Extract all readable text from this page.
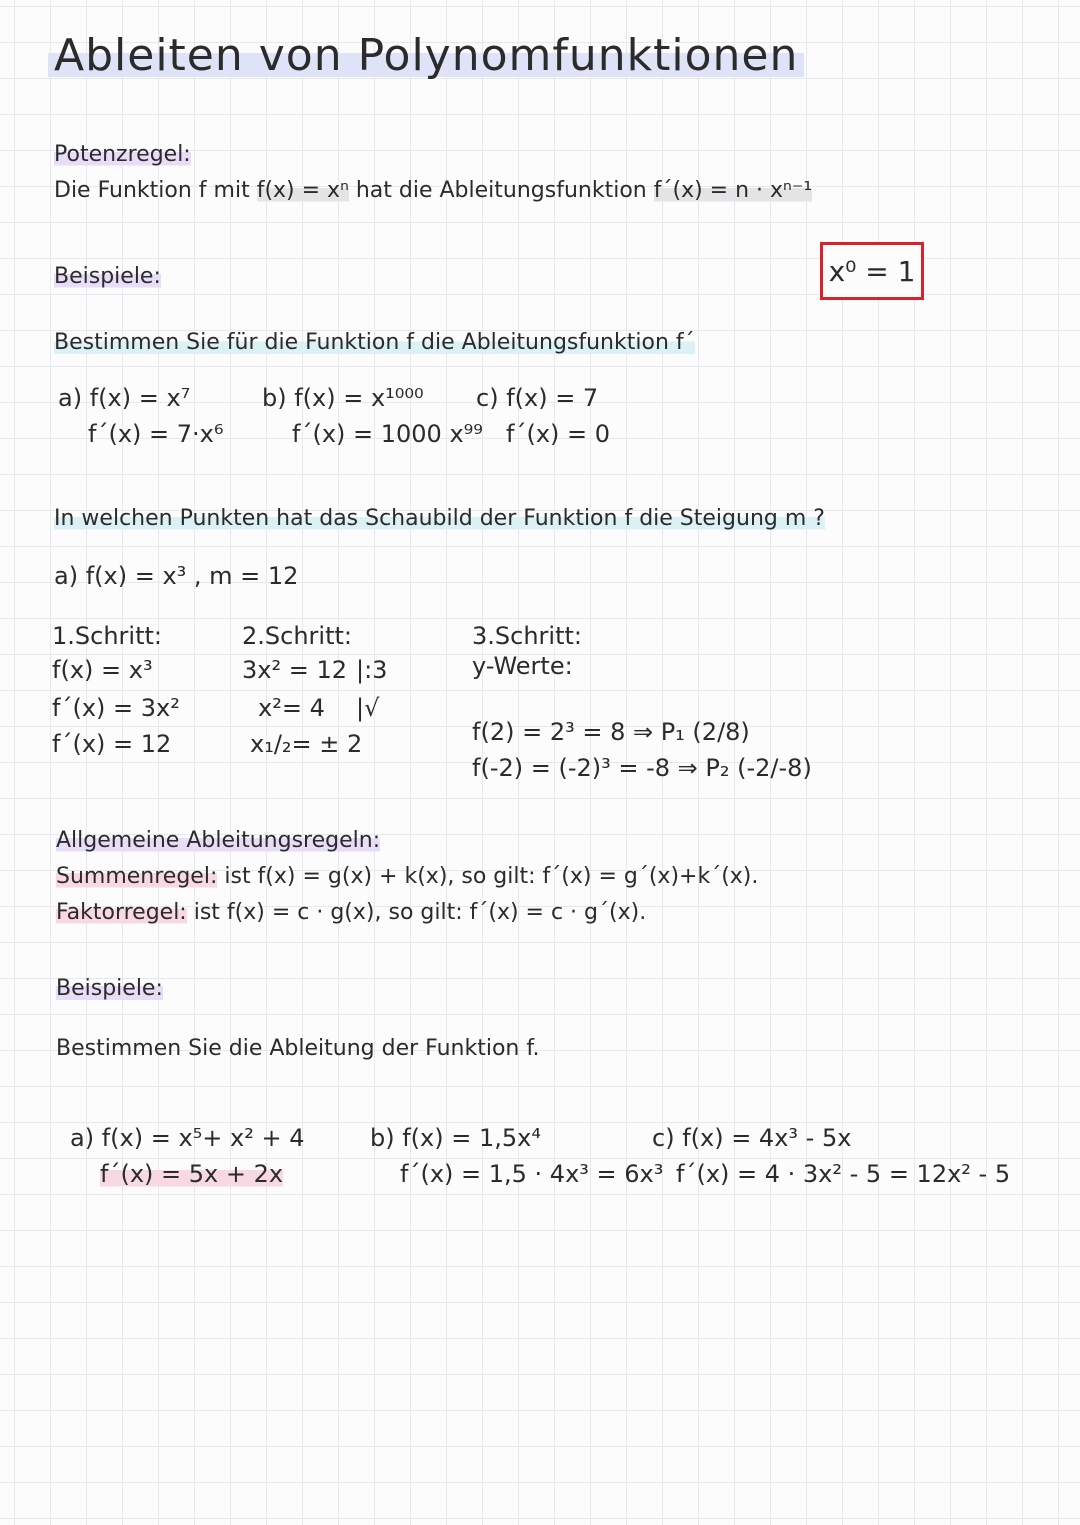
Ableiten von Polynomfunktionen
Potenzregel:
Die Funktion f mit f(x) = xⁿ hat die Ableitungsfunktion f´(x) = n · xⁿ⁻¹
x⁰ = 1
Beispiele:
Bestimmen Sie für die Funktion f die Ableitungsfunktion f´
a) f(x) = x⁷
f´(x) = 7·x⁶
b) f(x) = x¹⁰⁰⁰
f´(x) = 1000 x⁹⁹
c) f(x) = 7
f´(x) = 0
In welchen Punkten hat das Schaubild der Funktion f die Steigung m ?
a) f(x) = x³ , m = 12
1.Schritt:
f(x) = x³
f´(x) = 3x²
f´(x) = 12
2.Schritt:
3x² = 12
x²= 4
x₁/₂= ± 2
|:3
|√
3.Schritt:
y-Werte:
f(2) = 2³ = 8 ⇒ P₁ (2/8)
f(-2) = (-2)³ = -8 ⇒ P₂ (-2/-8)
Allgemeine Ableitungsregeln:
Summenregel: ist f(x) = g(x) + k(x), so gilt: f´(x) = g´(x)+k´(x).
Faktorregel: ist f(x) = c · g(x), so gilt: f´(x) = c · g´(x).
Beispiele:
Bestimmen Sie die Ableitung der Funktion f.
a) f(x) = x⁵+ x² + 4
f´(x) = 5x + 2x
b) f(x) = 1,5x⁴
f´(x) = 1,5 · 4x³ = 6x³
c) f(x) = 4x³ - 5x
f´(x) = 4 · 3x² - 5 = 12x² - 5
